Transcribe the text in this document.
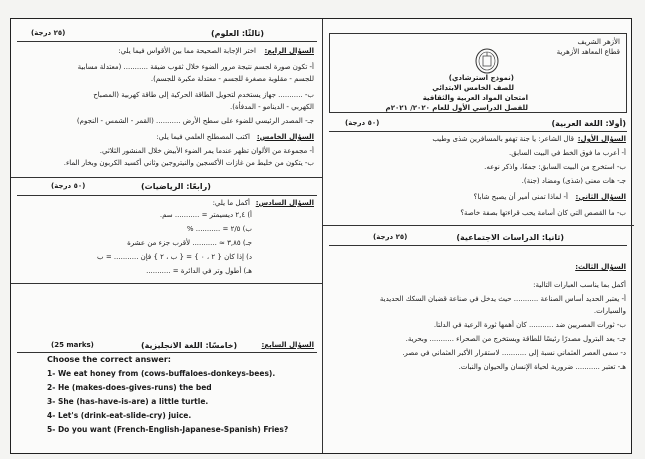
(٢٥ درجة)	(ثالثًا: العلوم)
السؤال الرابع:
اختر الإجابة الصحيحة مما بين الأقواس فيما يلي:
أ- تكون صورة لجسم نتيجة مرور الضوء خلال ثقوب ضيقة ........... (معتدلة مسابية
للجسم - مقلوبة مصغرة للجسم - معتدلة مكبرة للجسم).
ب- ........... جهاز يستخدم لتحويل الطاقة الحركية إلى طاقة كهربية (المصباح
الكهربي - الدينامو - المدفأة).
جـ- المصدر الرئيسي للضوء على سطح الأرض ........... (القمر - الشمس - النجوم)
السؤال الخامس:
اكتب المصطلح العلمي فيما يلي:
أ- مجموعة من الألوان تظهر عندما يمر الضوء الأبيض خلال المنشور الثلاثي.
ب- يتكون من خليط من غازات الأكسجين والنيتروجين وثاني أكسيد الكربون وبخار الماء.
(٥٠ درجة)	(رابعًا: الرياضيات)
السؤال السادس:
أكمل ما يلي:
أ) ٢,٤ ديسيمتر = ........... سم.
ب) ٢/٥ = ........... %
جـ) ٣,٨٥ ≈ ........... لأقرب جزء من عشرة
د) إذا كان { ٢ ، ٠ } = { ب ، ٢ } فإن ........... = ب
هـ) أطول وتر في الدائرة = ...........
(25 marks)	(خامسًا: اللغة الانجليزية)	السؤال السابع:
Choose the correct answer:
1- We eat honey from (cows-buffaloes-donkeys-bees).
2- He (makes-does-gives-runs) the bed
3- She (has-have-is-are) a little turtle.
4- Let's (drink-eat-slide-cry) juice.
5- Do you want (French-English-Japanese-Spanish) Fries?
الأزهر الشريف
قطاع المعاهد الأزهرية
(نموذج استرشادي)
للصف الخامس الابتدائي
امتحان المواد العربية والثقافية
للفصل الدراسي الأول للعام ٢٠٢٠/ ٢٠٢١م
(٥٠ درجة)	(أولا: اللغة العربية)
السؤال الأول:
قال الشاعر: يا جنة تهفو بالمسافرين شذى وطيب
أ- أعرب ما فوق الخط في البيت السابق.
ب- استخرج من البيت السابق: جمعًا، واذكر نوعه.
جـ- هات معنى (شذى) ومضاد (جنة).
السؤال الثاني:
أ- لماذا تمنى أمير أن يصبح شابا؟
ب- ما القصص التي كان أسامة يحب قراءتها بصفة خاصة؟
(٢٥ درجة)	(ثانيا: الدراسات الاجتماعية)
السؤال الثالث:
أكمل بما يناسب العبارات التالية:
أ- يعتبر الحديد أساس الصناعة ........... حيث يدخل في صناعة قضبان السكك الحديدية
والسيارات.
ب- ثورات المصريين ضد ........... كان أهمها ثورة الرعية في الدلتا.
جـ- يعد البترول مصدرًا رئيسًا للطاقة ويستخرج من الصحراء ........... وبحرية.
د- سمى العصر العثماني نسبة إلى ........... لاستقرار الأكبر العثماني في مصر.
هـ- تعتبر ........... ضرورية لحياة الإنسان والحيوان والنبات.
